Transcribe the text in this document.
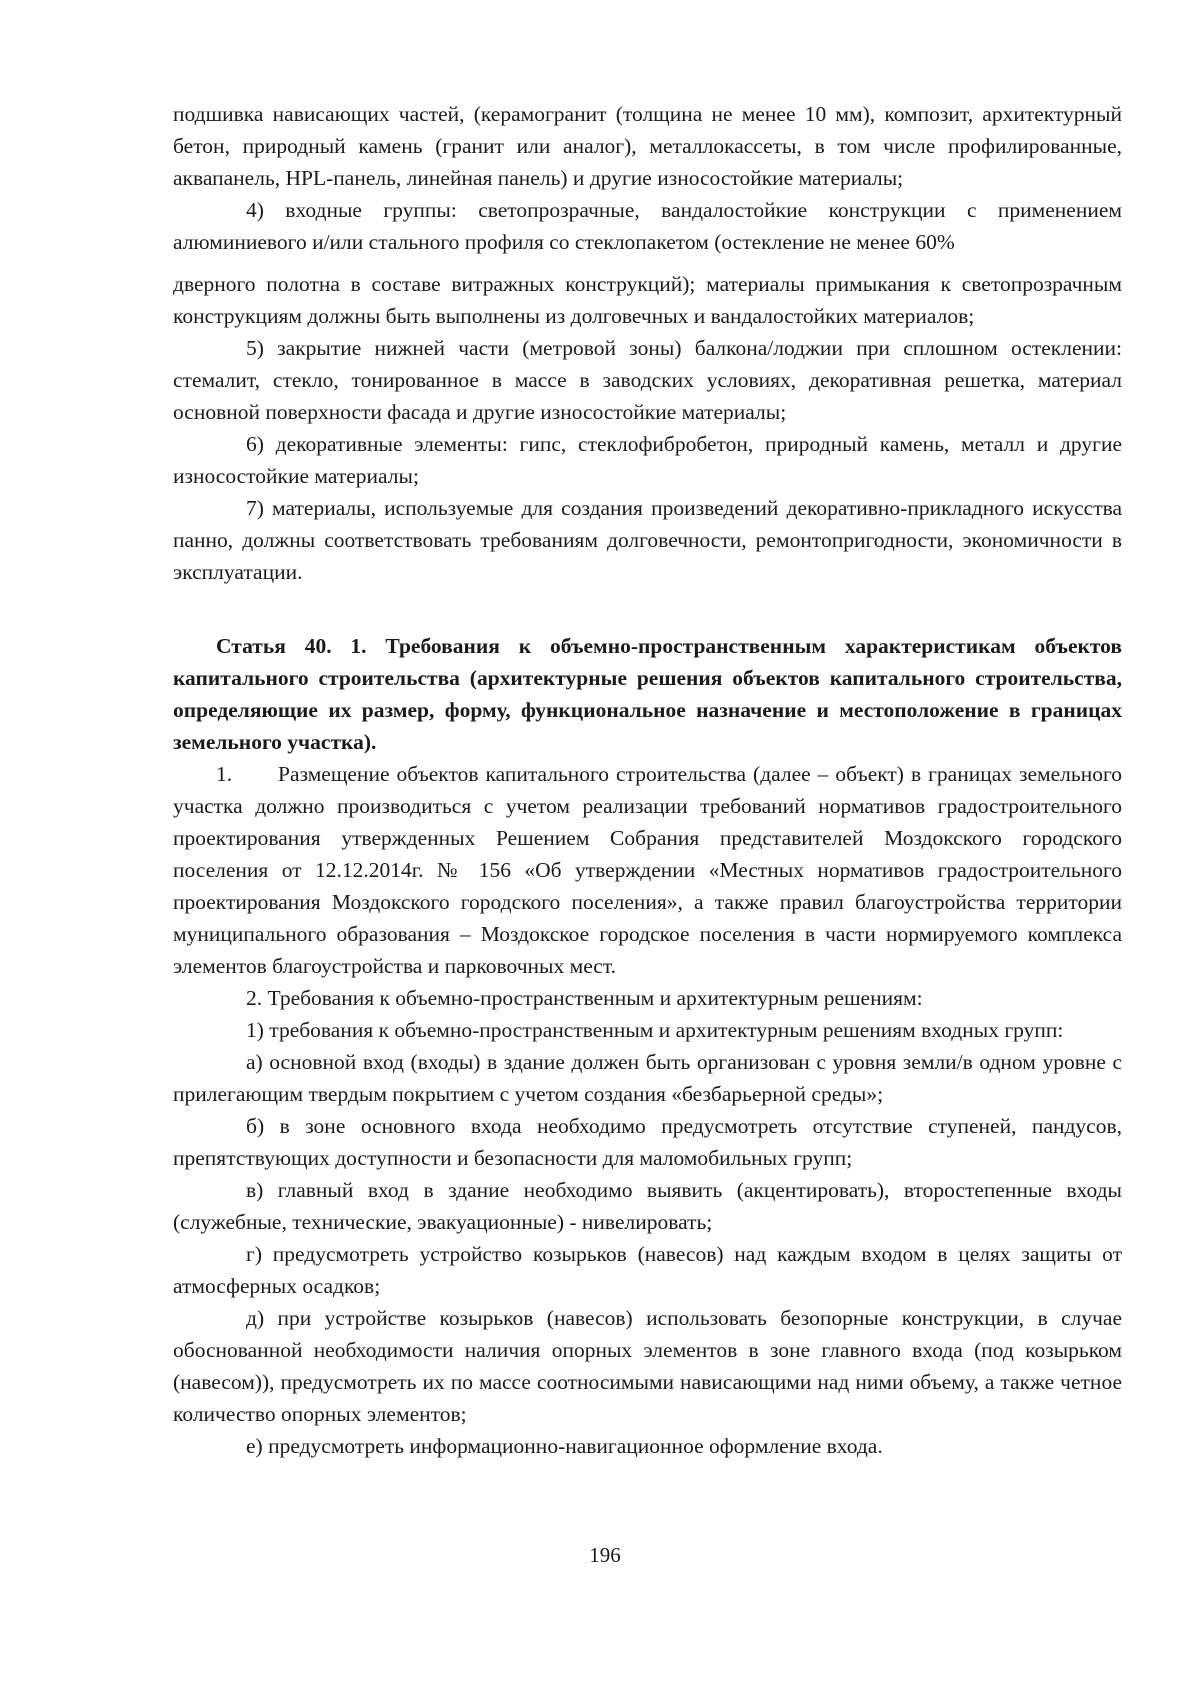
подшивка нависающих частей, (керамогранит (толщина не менее 10 мм), композит, архитектурный бетон, природный камень (гранит или аналог), металлокассеты, в том числе профилированные, аквапанель, HPL-панель, линейная панель) и другие износостойкие материалы;

4) входные группы: светопрозрачные, вандалостойкие конструкции с применением алюминиевого и/или стального профиля со стеклопакетом (остекление не менее 60%

дверного полотна в составе витражных конструкций); материалы примыкания к светопрозрачным конструкциям должны быть выполнены из долговечных и вандалостойких материалов;

5) закрытие нижней части (метровой зоны) балкона/лоджии при сплошном остеклении: стемалит, стекло, тонированное в массе в заводских условиях, декоративная решетка, материал основной поверхности фасада и другие износостойкие материалы;

6) декоративные элементы: гипс, стеклофибробетон, природный камень, металл и другие износостойкие материалы;

7) материалы, используемые для создания произведений декоративно-прикладного искусства панно, должны соответствовать требованиям долговечности, ремонтопригодности, экономичности в эксплуатации.

Статья 40. 1. Требования к объемно-пространственным характеристикам объектов капитального строительства (архитектурные решения объектов капитального строительства, определяющие их размер, форму, функциональное назначение и местоположение в границах земельного участка).

1. Размещение объектов капитального строительства (далее – объект) в границах земельного участка должно производиться с учетом реализации требований нормативов градостроительного проектирования утвержденных Решением Собрания представителей Моздокского городского поселения от 12.12.2014г. № 156 «Об утверждении «Местных нормативов градостроительного проектирования Моздокского городского поселения», а также правил благоустройства территории муниципального образования – Моздокское городское поселения в части нормируемого комплекса элементов благоустройства и парковочных мест.

2. Требования к объемно-пространственным и архитектурным решениям:

1) требования к объемно-пространственным и архитектурным решениям входных групп:

а) основной вход (входы) в здание должен быть организован с уровня земли/в одном уровне с прилегающим твердым покрытием с учетом создания «безбарьерной среды»;

б) в зоне основного входа необходимо предусмотреть отсутствие ступеней, пандусов, препятствующих доступности и безопасности для маломобильных групп;

в) главный вход в здание необходимо выявить (акцентировать), второстепенные входы (служебные, технические, эвакуационные) - нивелировать;

г) предусмотреть устройство козырьков (навесов) над каждым входом в целях защиты от атмосферных осадков;

д) при устройстве козырьков (навесов) использовать безопорные конструкции, в случае обоснованной необходимости наличия опорных элементов в зоне главного входа (под козырьком (навесом)), предусмотреть их по массе соотносимыми нависающими над ними объему, а также четное количество опорных элементов;

е) предусмотреть информационно-навигационное оформление входа.

196
